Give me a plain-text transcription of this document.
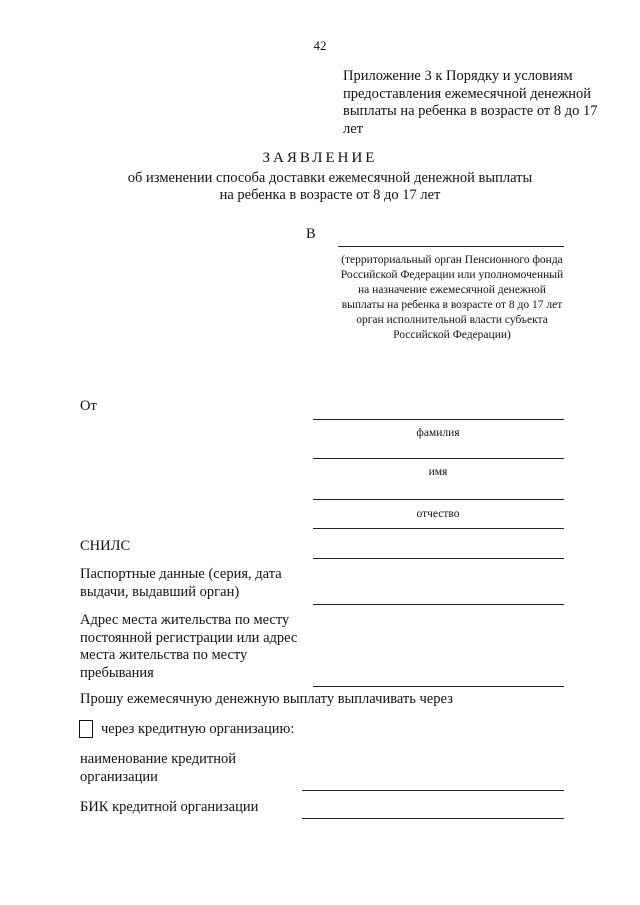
42
Приложение 3 к Порядку и условиям предоставления ежемесячной денежной выплаты на ребенка в возрасте от 8 до 17 лет
ЗАЯВЛЕНИЕ
об изменении способа доставки ежемесячной денежной выплаты
на ребенка в возрасте от 8 до 17 лет
В
(территориальный орган Пенсионного фонда Российской Федерации или уполномоченный на назначение ежемесячной денежной выплаты на ребенка в возрасте от 8 до 17 лет орган исполнительной власти субъекта Российской Федерации)
От
фамилия
имя
отчество
СНИЛС
Паспортные данные (серия, дата выдачи, выдавший орган)
Адрес места жительства по месту постоянной регистрации или адрес места жительства по месту пребывания
Прошу ежемесячную денежную выплату выплачивать через
через кредитную организацию:
наименование кредитной организации
БИК кредитной организации
